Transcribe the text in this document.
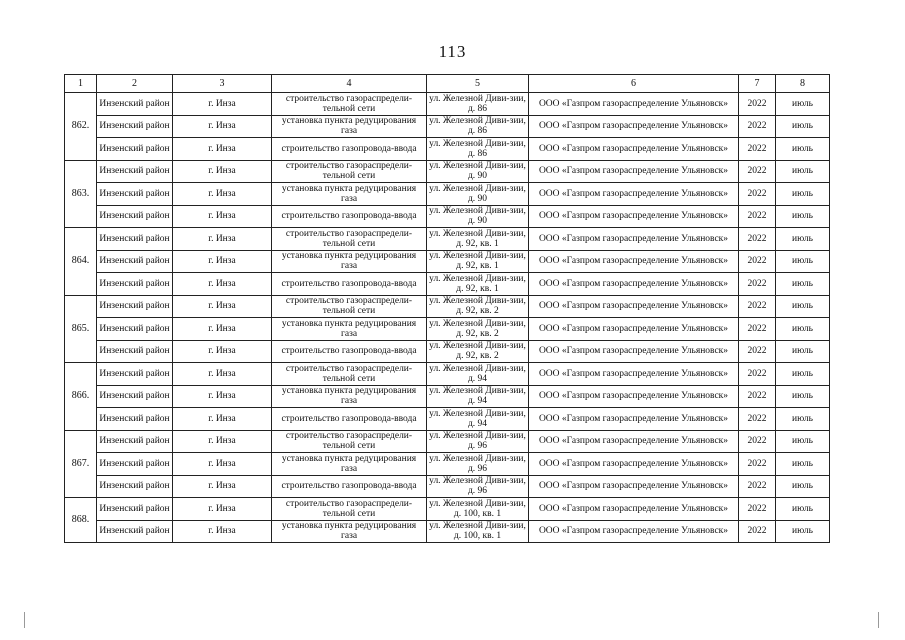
113
1	2	3	4	5	6	7	8
862.	Инзенский район	г. Инза	строительство газораспредели-тельной сети	ул. Железной Диви-зии, д. 86	ООО «Газпром газораспределение Ульяновск»	2022	июль
	Инзенский район	г. Инза	установка пункта редуцирования газа	ул. Железной Диви-зии, д. 86	ООО «Газпром газораспределение Ульяновск»	2022	июль
	Инзенский район	г. Инза	строительство газопровода-ввода	ул. Железной Диви-зии, д. 86	ООО «Газпром газораспределение Ульяновск»	2022	июль
863.	Инзенский район	г. Инза	строительство газораспредели-тельной сети	ул. Железной Диви-зии, д. 90	ООО «Газпром газораспределение Ульяновск»	2022	июль
	Инзенский район	г. Инза	установка пункта редуцирования газа	ул. Железной Диви-зии, д. 90	ООО «Газпром газораспределение Ульяновск»	2022	июль
	Инзенский район	г. Инза	строительство газопровода-ввода	ул. Железной Диви-зии, д. 90	ООО «Газпром газораспределение Ульяновск»	2022	июль
864.	Инзенский район	г. Инза	строительство газораспредели-тельной сети	ул. Железной Диви-зии, д. 92, кв. 1	ООО «Газпром газораспределение Ульяновск»	2022	июль
	Инзенский район	г. Инза	установка пункта редуцирования газа	ул. Железной Диви-зии, д. 92, кв. 1	ООО «Газпром газораспределение Ульяновск»	2022	июль
	Инзенский район	г. Инза	строительство газопровода-ввода	ул. Железной Диви-зии, д. 92, кв. 1	ООО «Газпром газораспределение Ульяновск»	2022	июль
865.	Инзенский район	г. Инза	строительство газораспредели-тельной сети	ул. Железной Диви-зии, д. 92, кв. 2	ООО «Газпром газораспределение Ульяновск»	2022	июль
	Инзенский район	г. Инза	установка пункта редуцирования газа	ул. Железной Диви-зии, д. 92, кв. 2	ООО «Газпром газораспределение Ульяновск»	2022	июль
	Инзенский район	г. Инза	строительство газопровода-ввода	ул. Железной Диви-зии, д. 92, кв. 2	ООО «Газпром газораспределение Ульяновск»	2022	июль
866.	Инзенский район	г. Инза	строительство газораспредели-тельной сети	ул. Железной Диви-зии, д. 94	ООО «Газпром газораспределение Ульяновск»	2022	июль
	Инзенский район	г. Инза	установка пункта редуцирования газа	ул. Железной Диви-зии, д. 94	ООО «Газпром газораспределение Ульяновск»	2022	июль
	Инзенский район	г. Инза	строительство газопровода-ввода	ул. Железной Диви-зии, д. 94	ООО «Газпром газораспределение Ульяновск»	2022	июль
867.	Инзенский район	г. Инза	строительство газораспредели-тельной сети	ул. Железной Диви-зии, д. 96	ООО «Газпром газораспределение Ульяновск»	2022	июль
	Инзенский район	г. Инза	установка пункта редуцирования газа	ул. Железной Диви-зии, д. 96	ООО «Газпром газораспределение Ульяновск»	2022	июль
	Инзенский район	г. Инза	строительство газопровода-ввода	ул. Железной Диви-зии, д. 96	ООО «Газпром газораспределение Ульяновск»	2022	июль
868.	Инзенский район	г. Инза	строительство газораспредели-тельной сети	ул. Железной Диви-зии, д. 100, кв. 1	ООО «Газпром газораспределение Ульяновск»	2022	июль
	Инзенский район	г. Инза	установка пункта редуцирования газа	ул. Железной Диви-зии, д. 100, кв. 1	ООО «Газпром газораспределение Ульяновск»	2022	июль
